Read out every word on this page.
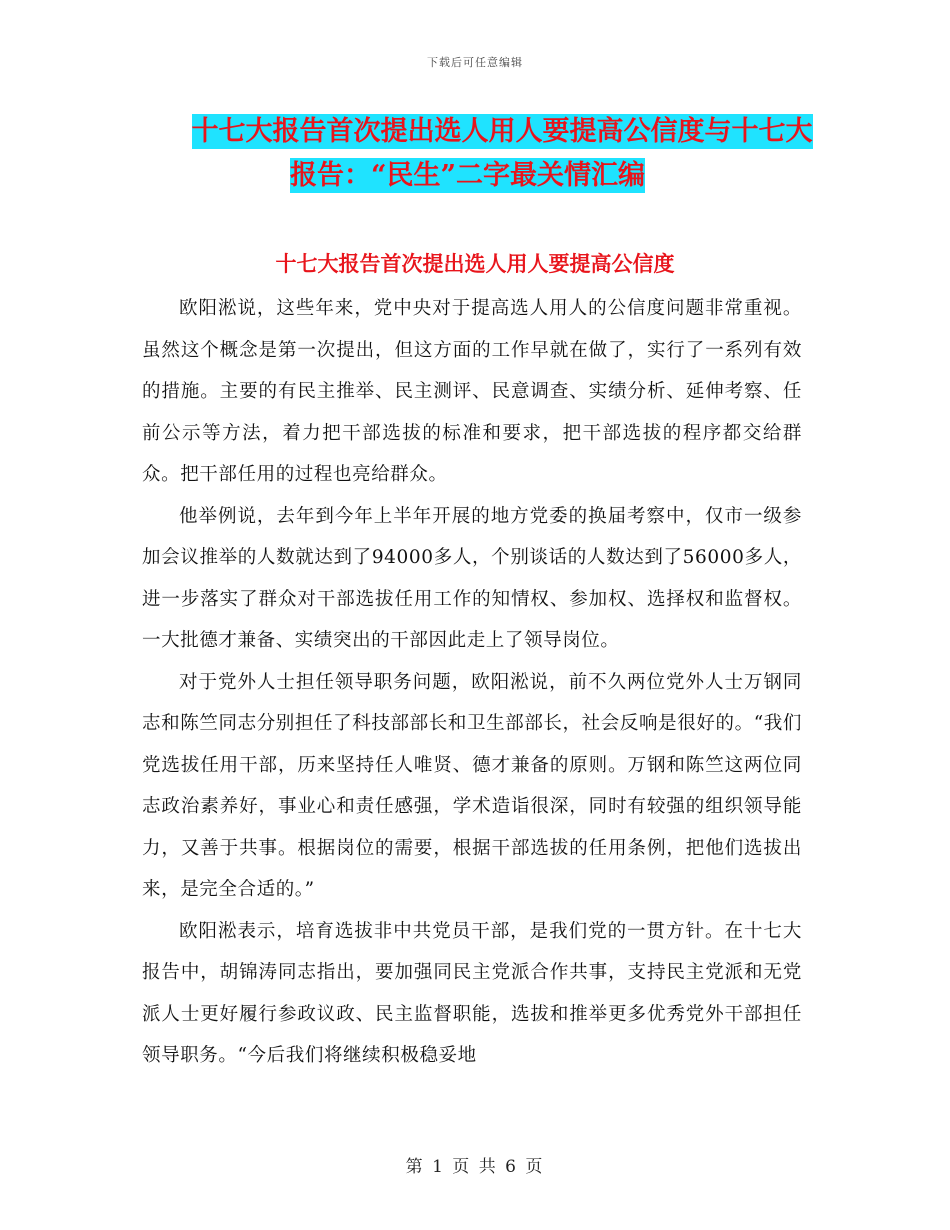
下载后可任意编辑
十七大报告首次提出选人用人要提高公信度与十七大
报告：“民生”二字最关情汇编
十七大报告首次提出选人用人要提高公信度

欧阳淞说，这些年来，党中央对于提高选人用人的公信度问题非常重视。虽然这个概念是第一次提出，但这方面的工作早就在做了，实行了一系列有效的措施。主要的有民主推举、民主测评、民意调查、实绩分析、延伸考察、任前公示等方法，着力把干部选拔的标准和要求，把干部选拔的程序都交给群众。把干部任用的过程也亮给群众。

他举例说，去年到今年上半年开展的地方党委的换届考察中，仅市一级参加会议推举的人数就达到了94000多人，个别谈话的人数达到了56000多人，进一步落实了群众对干部选拔任用工作的知情权、参加权、选择权和监督权。一大批德才兼备、实绩突出的干部因此走上了领导岗位。

对于党外人士担任领导职务问题，欧阳淞说，前不久两位党外人士万钢同志和陈竺同志分别担任了科技部部长和卫生部部长，社会反响是很好的。“我们党选拔任用干部，历来坚持任人唯贤、德才兼备的原则。万钢和陈竺这两位同志政治素养好，事业心和责任感强，学术造诣很深，同时有较强的组织领导能力，又善于共事。根据岗位的需要，根据干部选拔的任用条例，把他们选拔出来，是完全合适的。”

欧阳淞表示，培育选拔非中共党员干部，是我们党的一贯方针。在十七大报告中，胡锦涛同志指出，要加强同民主党派合作共事，支持民主党派和无党派人士更好履行参政议政、民主监督职能，选拔和推举更多优秀党外干部担任领导职务。“今后我们将继续积极稳妥地

第 1 页 共 6 页
